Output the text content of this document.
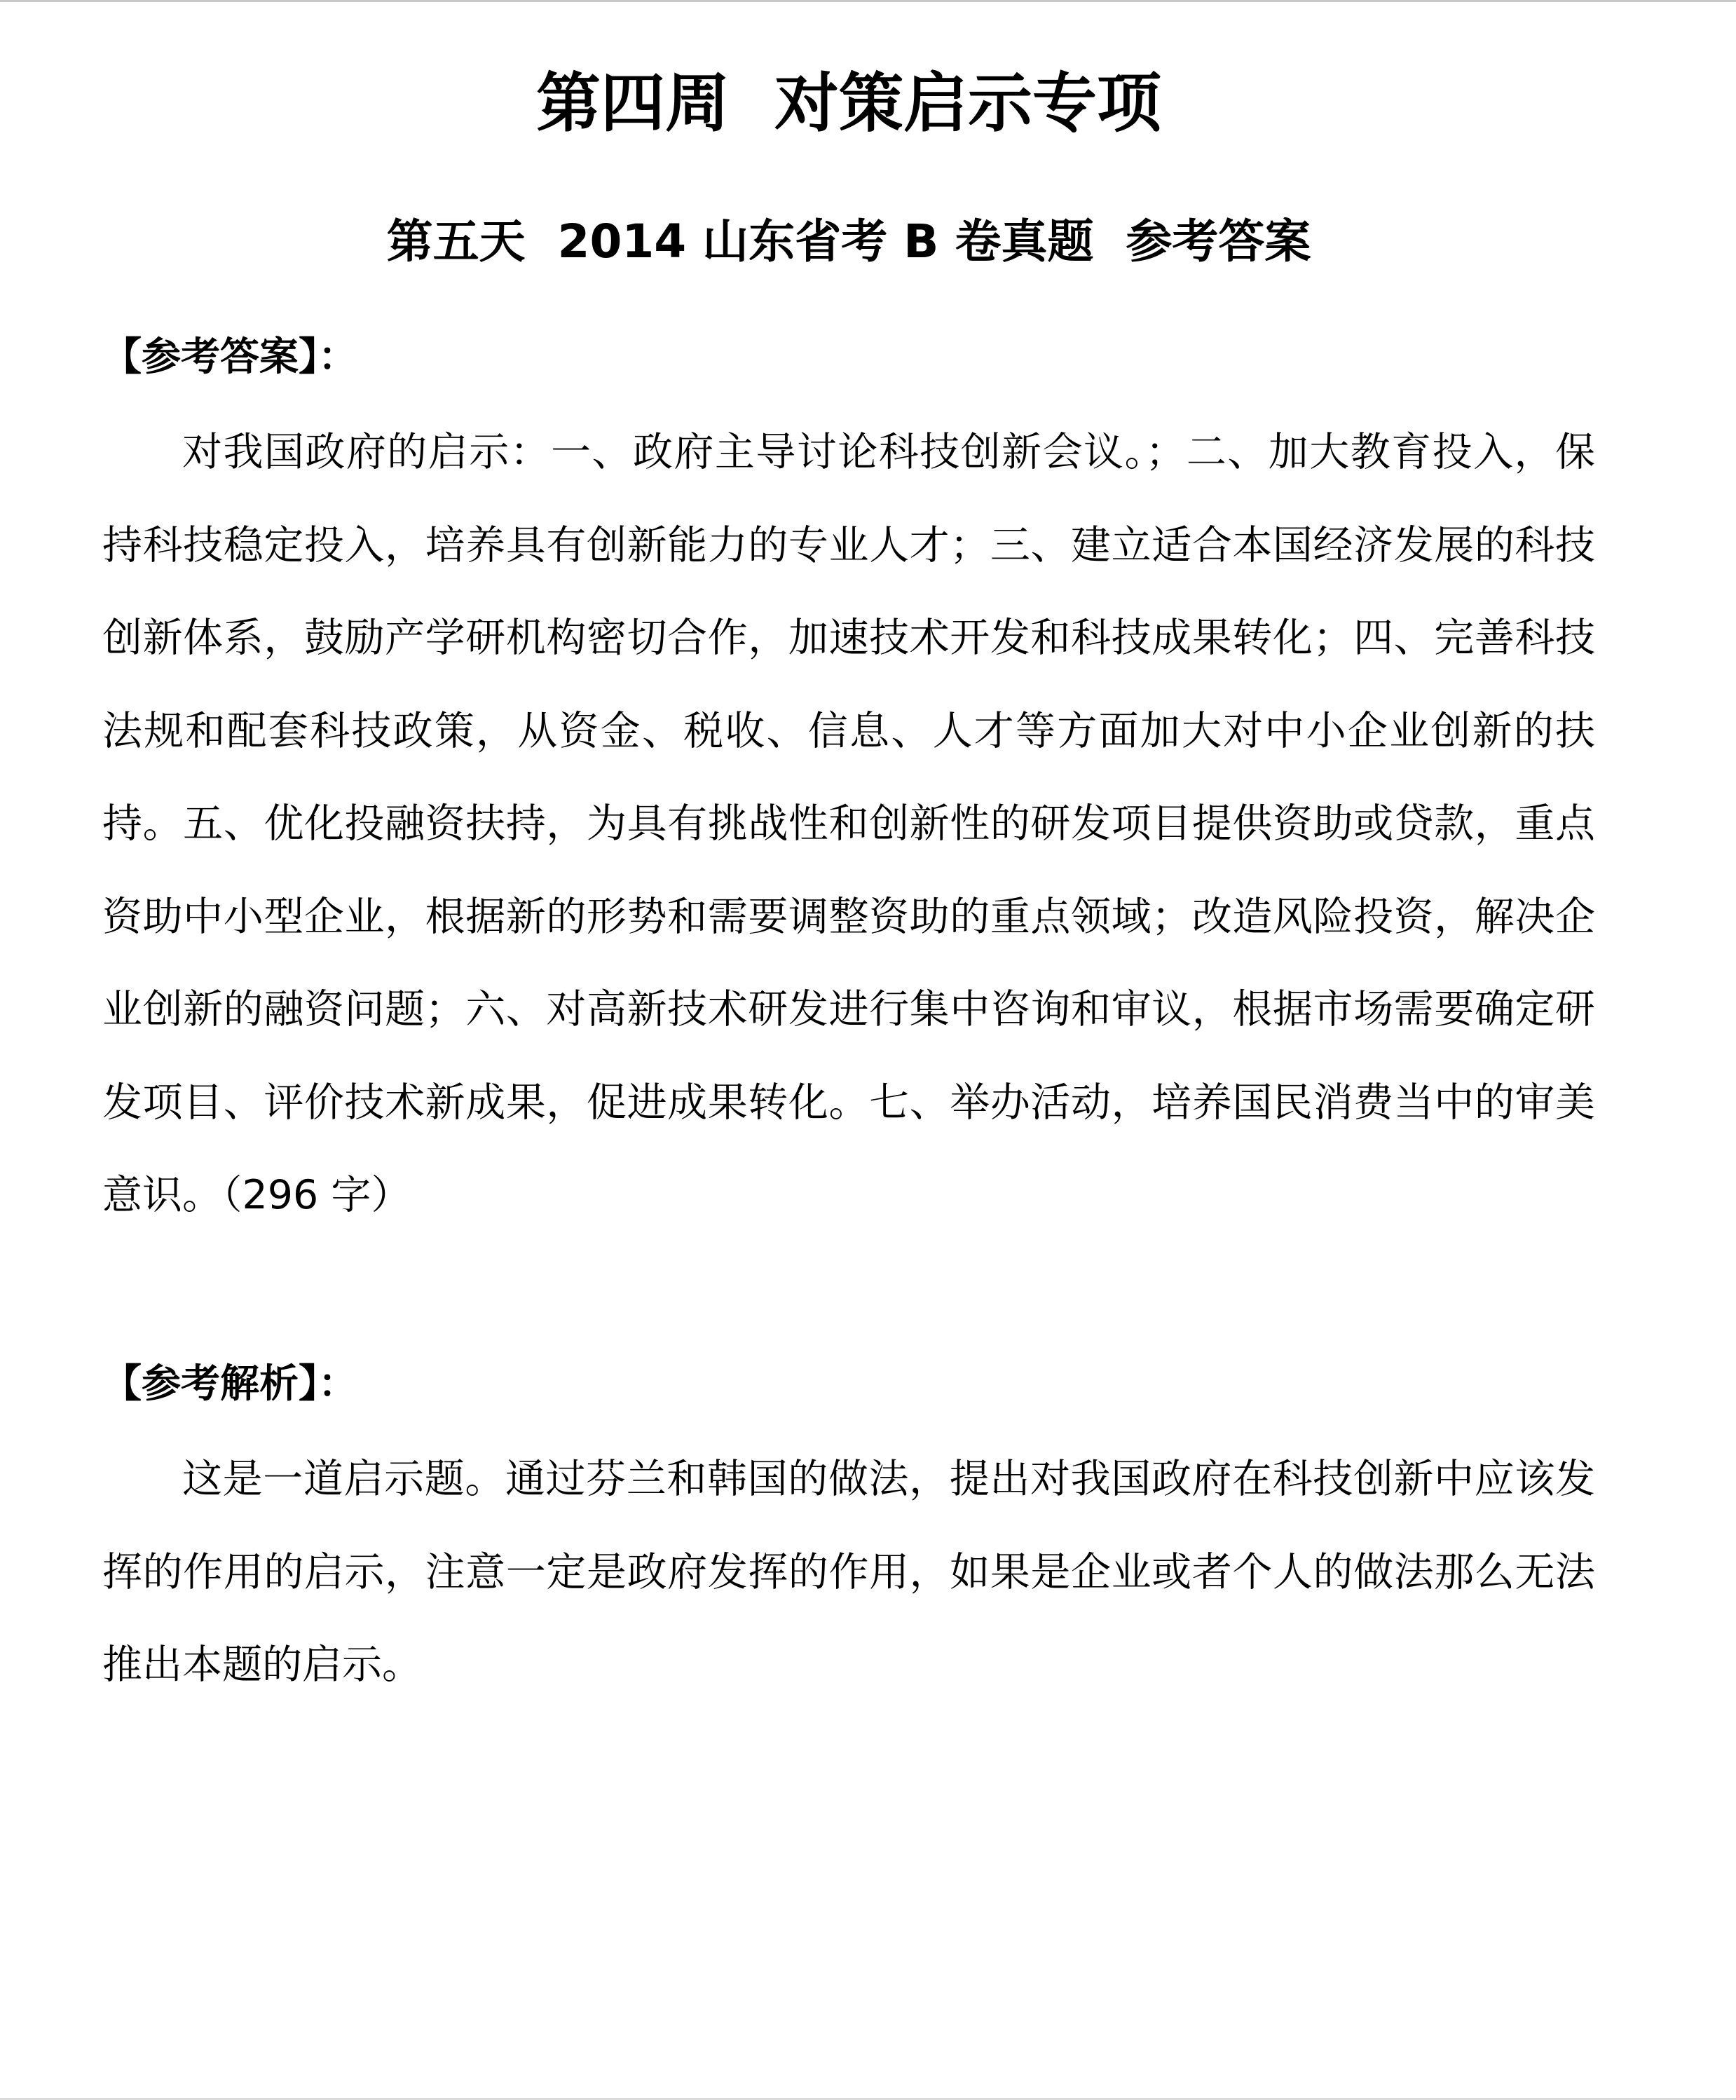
第四周  对策启示专项
第五天  2014 山东省考 B 卷真题  参考答案
【参考答案】：

对我国政府的启示：一、政府主导讨论科技创新会议。；二、加大教育投入，保持科技稳定投入，培养具有创新能力的专业人才；三、建立适合本国经济发展的科技创新体系，鼓励产学研机构密切合作，加速技术开发和科技成果转化；四、完善科技法规和配套科技政策，从资金、税收、信息、人才等方面加大对中小企业创新的扶持。五、优化投融资扶持，为具有挑战性和创新性的研发项目提供资助或贷款，重点资助中小型企业，根据新的形势和需要调整资助的重点领域；改造风险投资，解决企业创新的融资问题；六、对高新技术研发进行集中咨询和审议，根据市场需要确定研发项目、评价技术新成果，促进成果转化。七、举办活动，培养国民消费当中的审美意识。（296 字）

【参考解析】：

这是一道启示题。通过芬兰和韩国的做法，提出对我国政府在科技创新中应该发挥的作用的启示，注意一定是政府发挥的作用，如果是企业或者个人的做法那么无法推出本题的启示。
